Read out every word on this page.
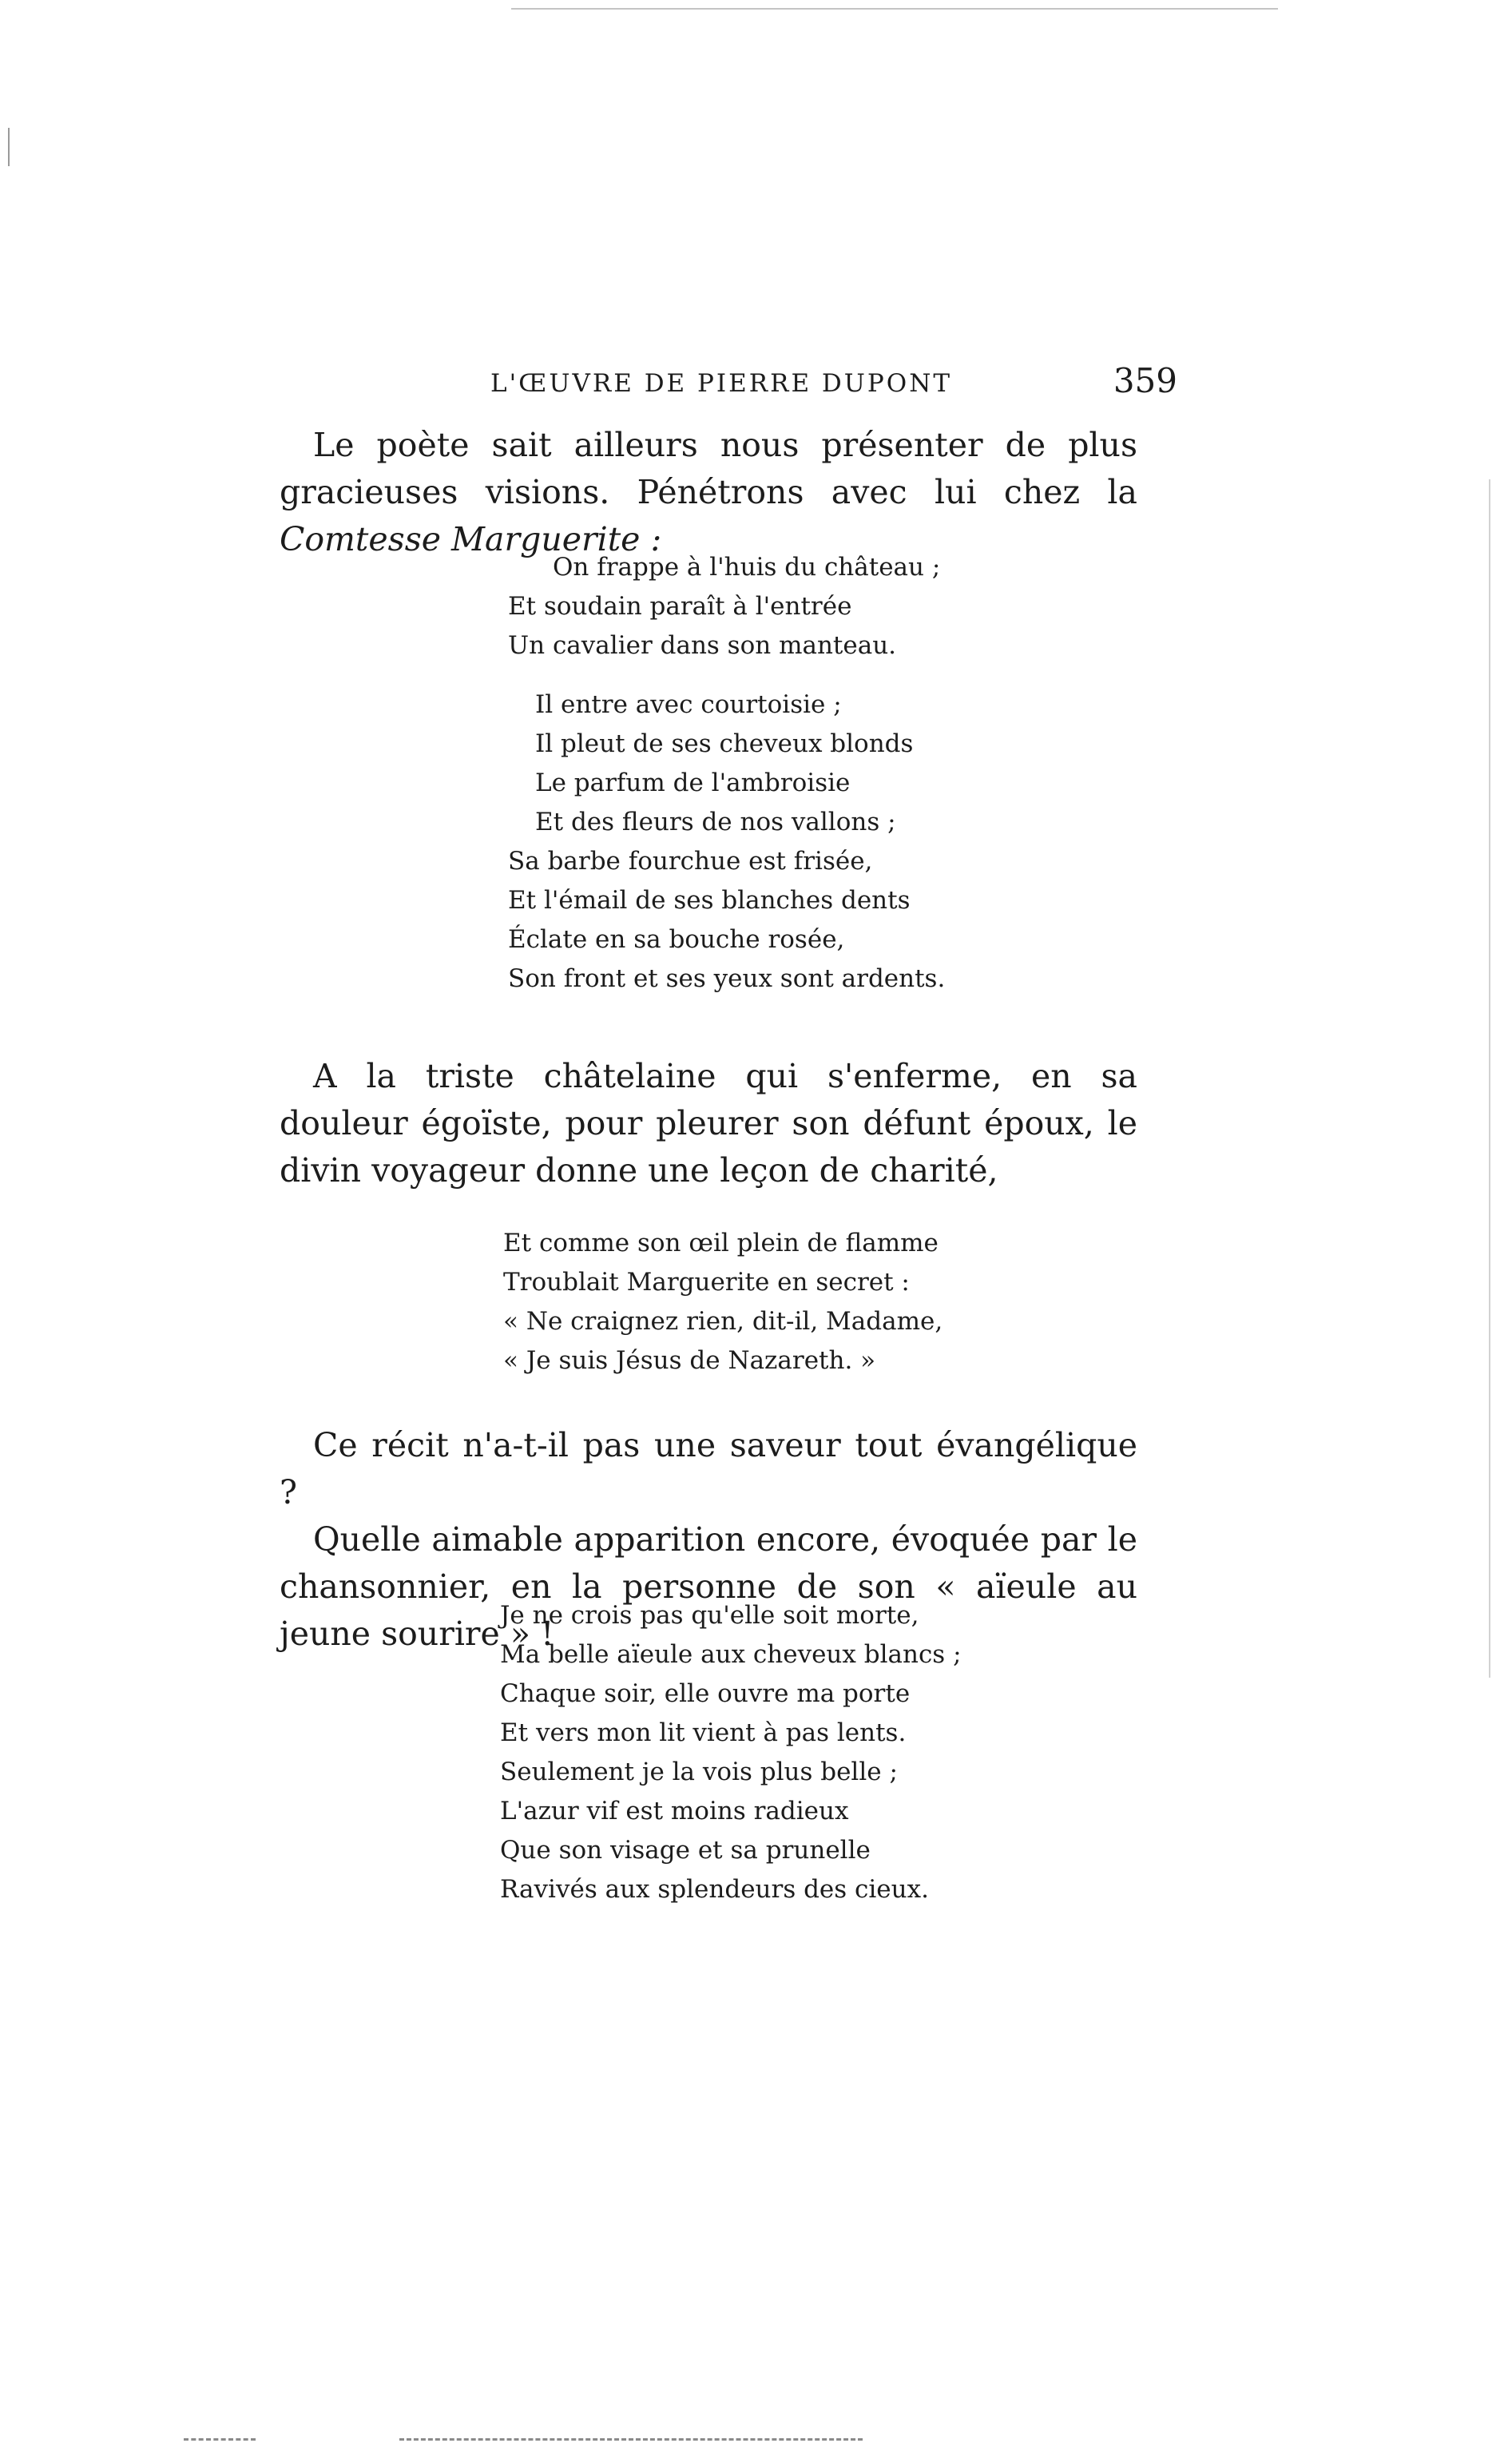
L'ŒUVRE DE PIERRE DUPONT	359

Le poète sait ailleurs nous présenter de plus gracieuses visions. Pénétrons avec lui chez la Comtesse Marguerite :

On frappe à l'huis du château ;
Et soudain paraît à l'entrée
Un cavalier dans son manteau.
Il entre avec courtoisie ;
Il pleut de ses cheveux blonds
Le parfum de l'ambroisie
Et des fleurs de nos vallons ;
Sa barbe fourchue est frisée,
Et l'émail de ses blanches dents
Éclate en sa bouche rosée,
Son front et ses yeux sont ardents.

A la triste châtelaine qui s'enferme, en sa douleur égoïste, pour pleurer son défunt époux, le divin voyageur donne une leçon de charité,

Et comme son œil plein de flamme
Troublait Marguerite en secret :
« Ne craignez rien, dit-il, Madame,
« Je suis Jésus de Nazareth. »

Ce récit n'a-t-il pas une saveur tout évangélique ?

Quelle aimable apparition encore, évoquée par le chansonnier, en la personne de son « aïeule au jeune sourire » !

Je ne crois pas qu'elle soit morte,
Ma belle aïeule aux cheveux blancs ;
Chaque soir, elle ouvre ma porte
Et vers mon lit vient à pas lents.
Seulement je la vois plus belle ;
L'azur vif est moins radieux
Que son visage et sa prunelle
Ravivés aux splendeurs des cieux.
